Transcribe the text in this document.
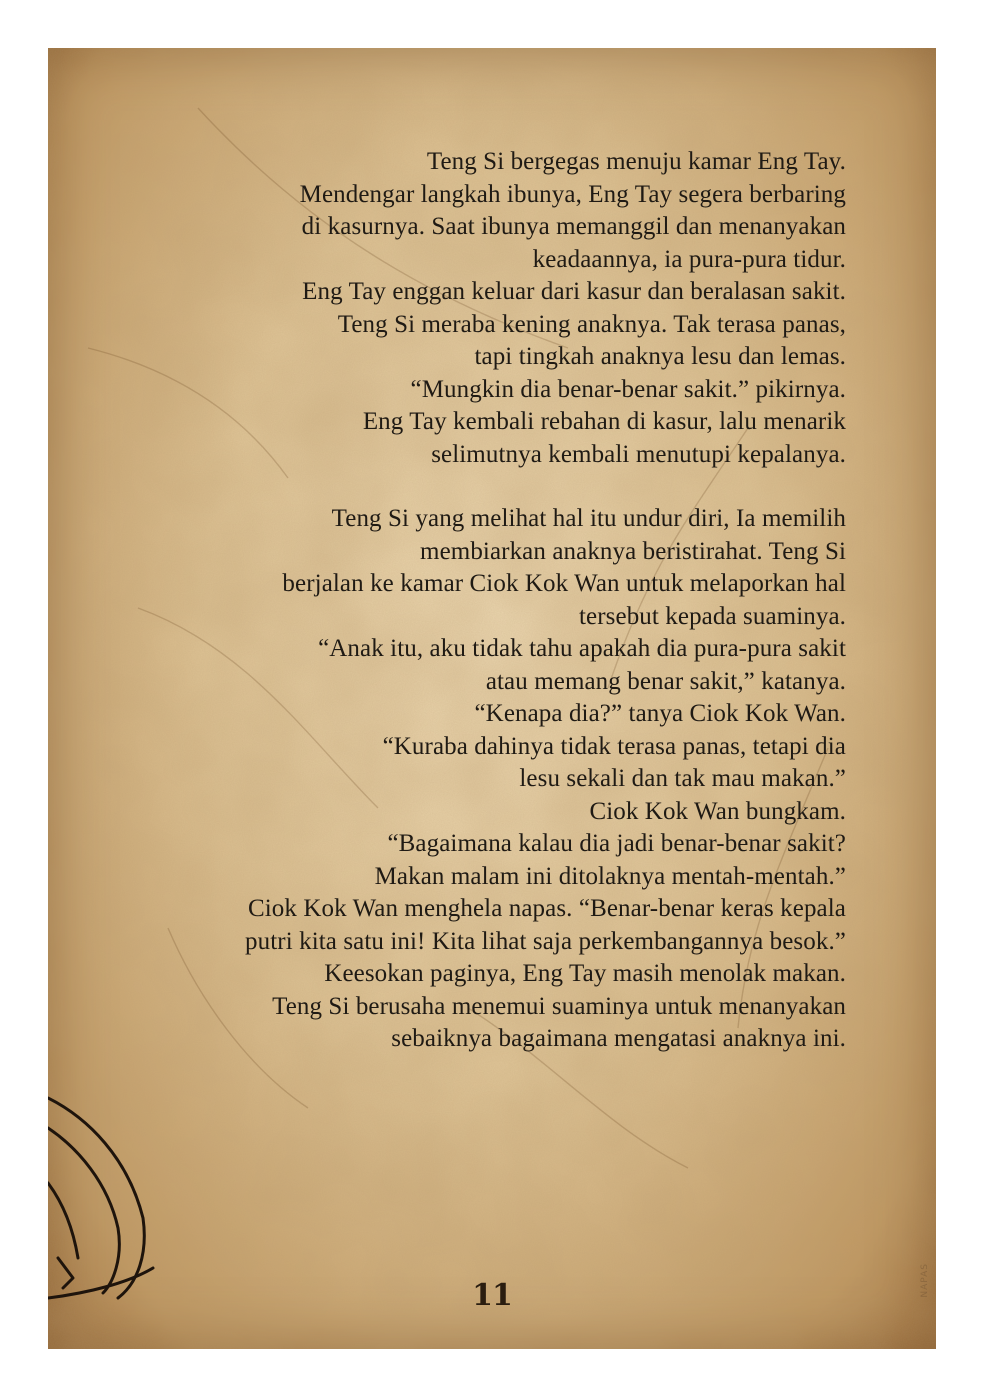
Teng Si bergegas menuju kamar Eng Tay.
Mendengar langkah ibunya, Eng Tay segera berbaring
di kasurnya. Saat ibunya memanggil dan menanyakan
keadaannya, ia pura-pura tidur.
Eng Tay enggan keluar dari kasur dan beralasan sakit.
Teng Si meraba kening anaknya. Tak terasa panas,
tapi tingkah anaknya lesu dan lemas.
“Mungkin dia benar-benar sakit.” pikirnya.
Eng Tay kembali rebahan di kasur, lalu menarik
selimutnya kembali menutupi kepalanya.
Teng Si yang melihat hal itu undur diri, Ia memilih
membiarkan anaknya beristirahat. Teng Si
berjalan ke kamar Ciok Kok Wan untuk melaporkan hal
tersebut kepada suaminya.
“Anak itu, aku tidak tahu apakah dia pura-pura sakit
atau memang benar sakit,” katanya.
“Kenapa dia?” tanya Ciok Kok Wan.
“Kuraba dahinya tidak terasa panas, tetapi dia
lesu sekali dan tak mau makan.”
Ciok Kok Wan bungkam.
“Bagaimana kalau dia jadi benar-benar sakit?
Makan malam ini ditolaknya mentah-mentah.”
Ciok Kok Wan menghela napas. “Benar-benar keras kepala
putri kita satu ini! Kita lihat saja perkembangannya besok.”
Keesokan paginya, Eng Tay masih menolak makan.
Teng Si berusaha menemui suaminya untuk menanyakan
sebaiknya bagaimana mengatasi anaknya ini.
11	NAPAS
